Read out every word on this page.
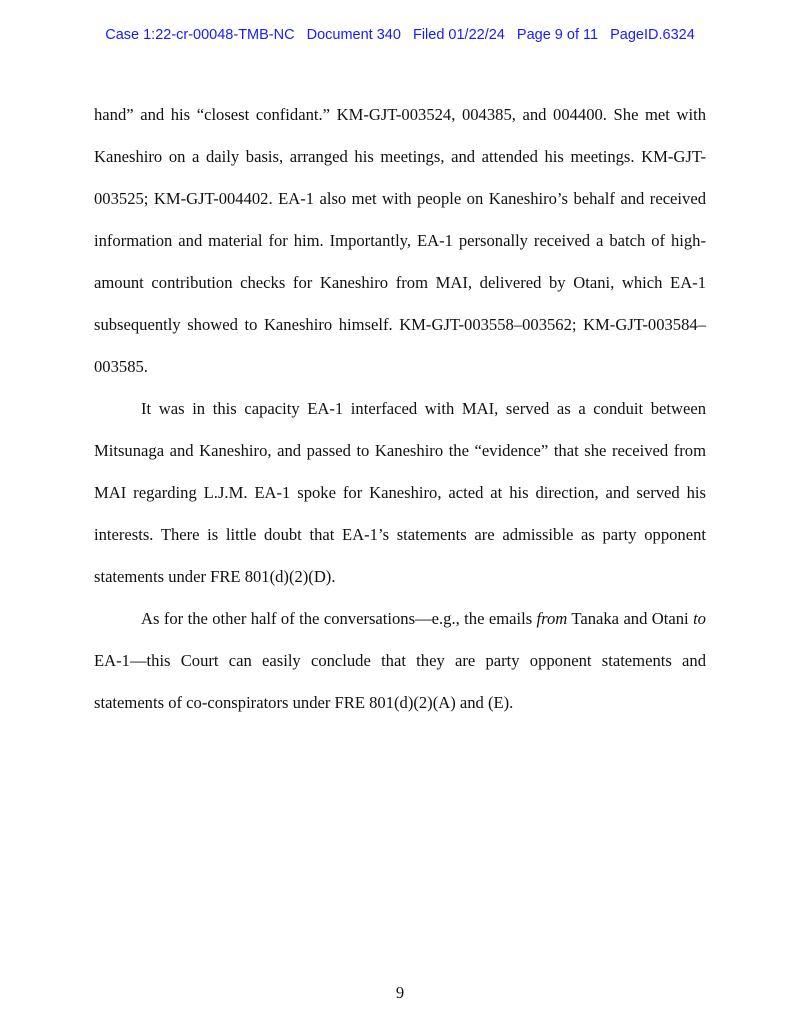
Case 1:22-cr-00048-TMB-NC Document 340 Filed 01/22/24 Page 9 of 11 PageID.6324

hand” and his “closest confidant.” KM-GJT-003524, 004385, and 004400. She met with Kaneshiro on a daily basis, arranged his meetings, and attended his meetings. KM-GJT-003525; KM-GJT-004402. EA-1 also met with people on Kaneshiro’s behalf and received information and material for him. Importantly, EA-1 personally received a batch of high-amount contribution checks for Kaneshiro from MAI, delivered by Otani, which EA-1 subsequently showed to Kaneshiro himself. KM-GJT-003558–003562; KM-GJT-003584–003585.

It was in this capacity EA-1 interfaced with MAI, served as a conduit between Mitsunaga and Kaneshiro, and passed to Kaneshiro the “evidence” that she received from MAI regarding L.J.M. EA-1 spoke for Kaneshiro, acted at his direction, and served his interests. There is little doubt that EA-1’s statements are admissible as party opponent statements under FRE 801(d)(2)(D).

As for the other half of the conversations—e.g., the emails from Tanaka and Otani to EA-1—this Court can easily conclude that they are party opponent statements and statements of co-conspirators under FRE 801(d)(2)(A) and (E).

9
